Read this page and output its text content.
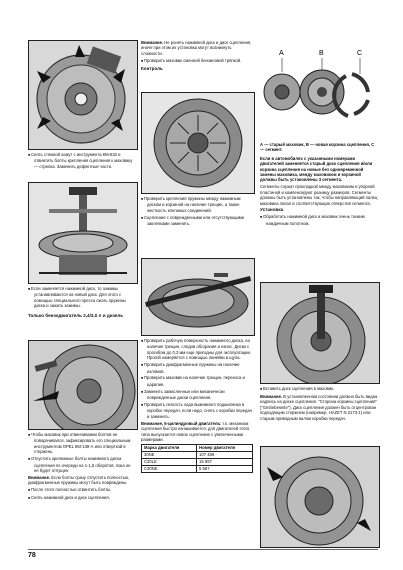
■ Снять стяжной хомут с инструмента КМ-632 и отвинтить болты крепления сцепления к маховику — стрелка. Заменить дефектные части.

■ Если заменяется нажимной диск, то зажимы устанавливаются на новый диск. Для этого с помощью специального пресса сжать пружины диска и зажать зажимы.

Только бензодвигатель 2,4/3,0 л и дизель

■ Чтобы маховик при отвинчивании болтов не поворачивался, зафиксировать его специальным инструментом OPEL КМ-139-А или отверткой в стержень.

■ Отпустить крепежные болты нажимного диска сцепления по очереди на 1-1,5 оборотов, пока он не будет отпущен.

Внимание. Если болты сразу отпустить полностью, диафрагменные пружины могут быть повреждены.

■ После этого полностью отвинтить болты.

■ Снять нажимной диск и диск сцепления.

Внимание. Не ронять нажимной диск и диск сцепления, иначе при этом их установка могут возникнуть сложности.

■ Проверить маховик сменной бензиновой тряпкой.

Контроль

■ Проверить крепления пружины между нажимным диском и корзиной на наличие трещин, а также жесткость клепаных соединений.

■ Сцепление с поврежденными или отсутствующими заклепками заменить.

■ Проверить рабочую поверхность нажимного диска, на наличие трещин, следов обгорания и износ. Диски с прогибом до 0,3 мм еще пригодны для эксплуатации. Прогиб измеряется с помощью линейки и щупа.

■ Проверить диафрагменные пружины на наличие изломов.

■ Проверить маховик на наличие трещин, перекоса и царапин.

■ Заменить замасленные или механически поврежденные диски сцепления.

■ Проверить легкость хода выжимного подшипника в коробке передач, если надо, снять с коробки передач и заменить.

Внимание, 6-цилиндровый двигатель: т.к. механизм сцепления быстро изнашивается, для двигателей этого типа выпускается новое сцепление с увеличенными размерами.

Марка двигателя	Номер двигателя
30NE	107 486
C30LE	15 857
C30NE	5 987
A	B	C

А — старый маховик, В — новая корзина сцепления, С — сегмент.

Если в автомобилях с указанными номерами двигателей заменяется старый диск сцепления и/или корзина сцепления на новые без одновременной замены маховика, между маховиком и корзиной должны быть установлены 3 сегмента.

Сегменты служат прокладкой между маховиком и упорной пластиной и компенсируют разницу размеров. Сегменты должны быть установлены так, чтобы направляющий палец маховика попал в соответствующие отверстия сегмента.

Установка

■ Обработать нажимной диск и маховик очень тонким наждачным полотном.

■ Вставить диск сцепления в маховик.

Внимание. В установленном состоянии должна быть видна надпись на диске сцепления. "Сторона корзины сцепления" ("Getriebeseite"). Диск сцепления должен быть отцентрован подходящим стержнем (например, HAZET N 2173-1) или старым приводным валом коробки передач.

78
